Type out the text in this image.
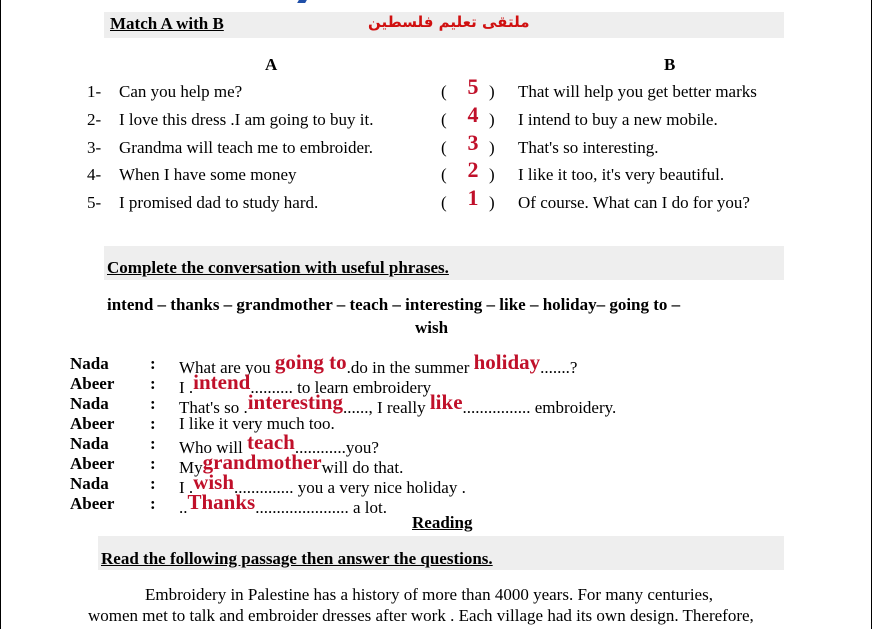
Match A with B	ملتقى تعليم فلسطين
A	B
1- Can you help me?	( 5 ) That will help you get better marks
2- I love this dress .I am going to buy it.	( 4 ) I intend to buy a new mobile.
3- Grandma will teach me to embroider.	( 3 ) That's so interesting.
4- When I have some money	( 2 ) I like it too, it's very beautiful.
5- I promised dad to study hard.	( 1 ) Of course. What can I do for you?
Complete the conversation with useful phrases.
intend – thanks – grandmother – teach – interesting – like – holiday– going to –
wish
Nada : What are you going to.do in the summer holiday.......?
Abeer : I .intend.......... to learn embroidery
Nada : That's so .interesting......, I really like................ embroidery.
Abeer : I like it very much too.
Nada : Who will teach............you?
Abeer : Mygrandmotherwill do that.
Nada : I .wish.............. you a very nice holiday .
Abeer : ..Thanks...................... a lot.
Reading
Read the following passage then answer the questions.
Embroidery in Palestine has a history of more than 4000 years. For many centuries,
women met to talk and embroider dresses after work . Each village had its own design. Therefore,
